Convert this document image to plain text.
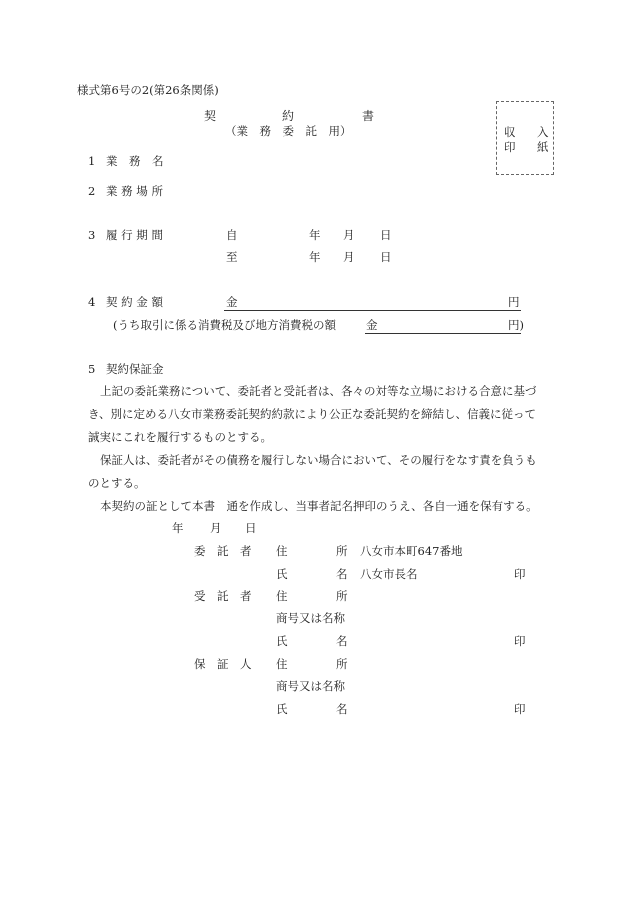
様式第6号の2(第26条関係)
契	約	書
（業　務　委　託　用）	収 入
印 紙
1 業　務　名
2 業 務 場 所
3 履 行 期 間	自	年 月 日
至	年 月 日
4 契 約 金 額	金	円
(うち取引に係る消費税及び地方消費税の額	金	円)
5 契約保証金
上記の委託業務について、委託者と受託者は、各々の対等な立場における合意に基づ
き、別に定める八女市業務委託契約約款により公正な委託契約を締結し、信義に従って
誠実にこれを履行するものとする。
保証人は、委託者がその債務を履行しない場合において、その履行をなす責を負うも
のとする。
本契約の証として本書　通を作成し、当事者記名押印のうえ、各自一通を保有する。
年 月 日
委　託　者 住	所 八女市本町647番地
氏	名 八女市長名	印
受　託　者 住	所
商号又は名称
氏	名	印
保　証　人 住	所
商号又は名称
氏	名	印
